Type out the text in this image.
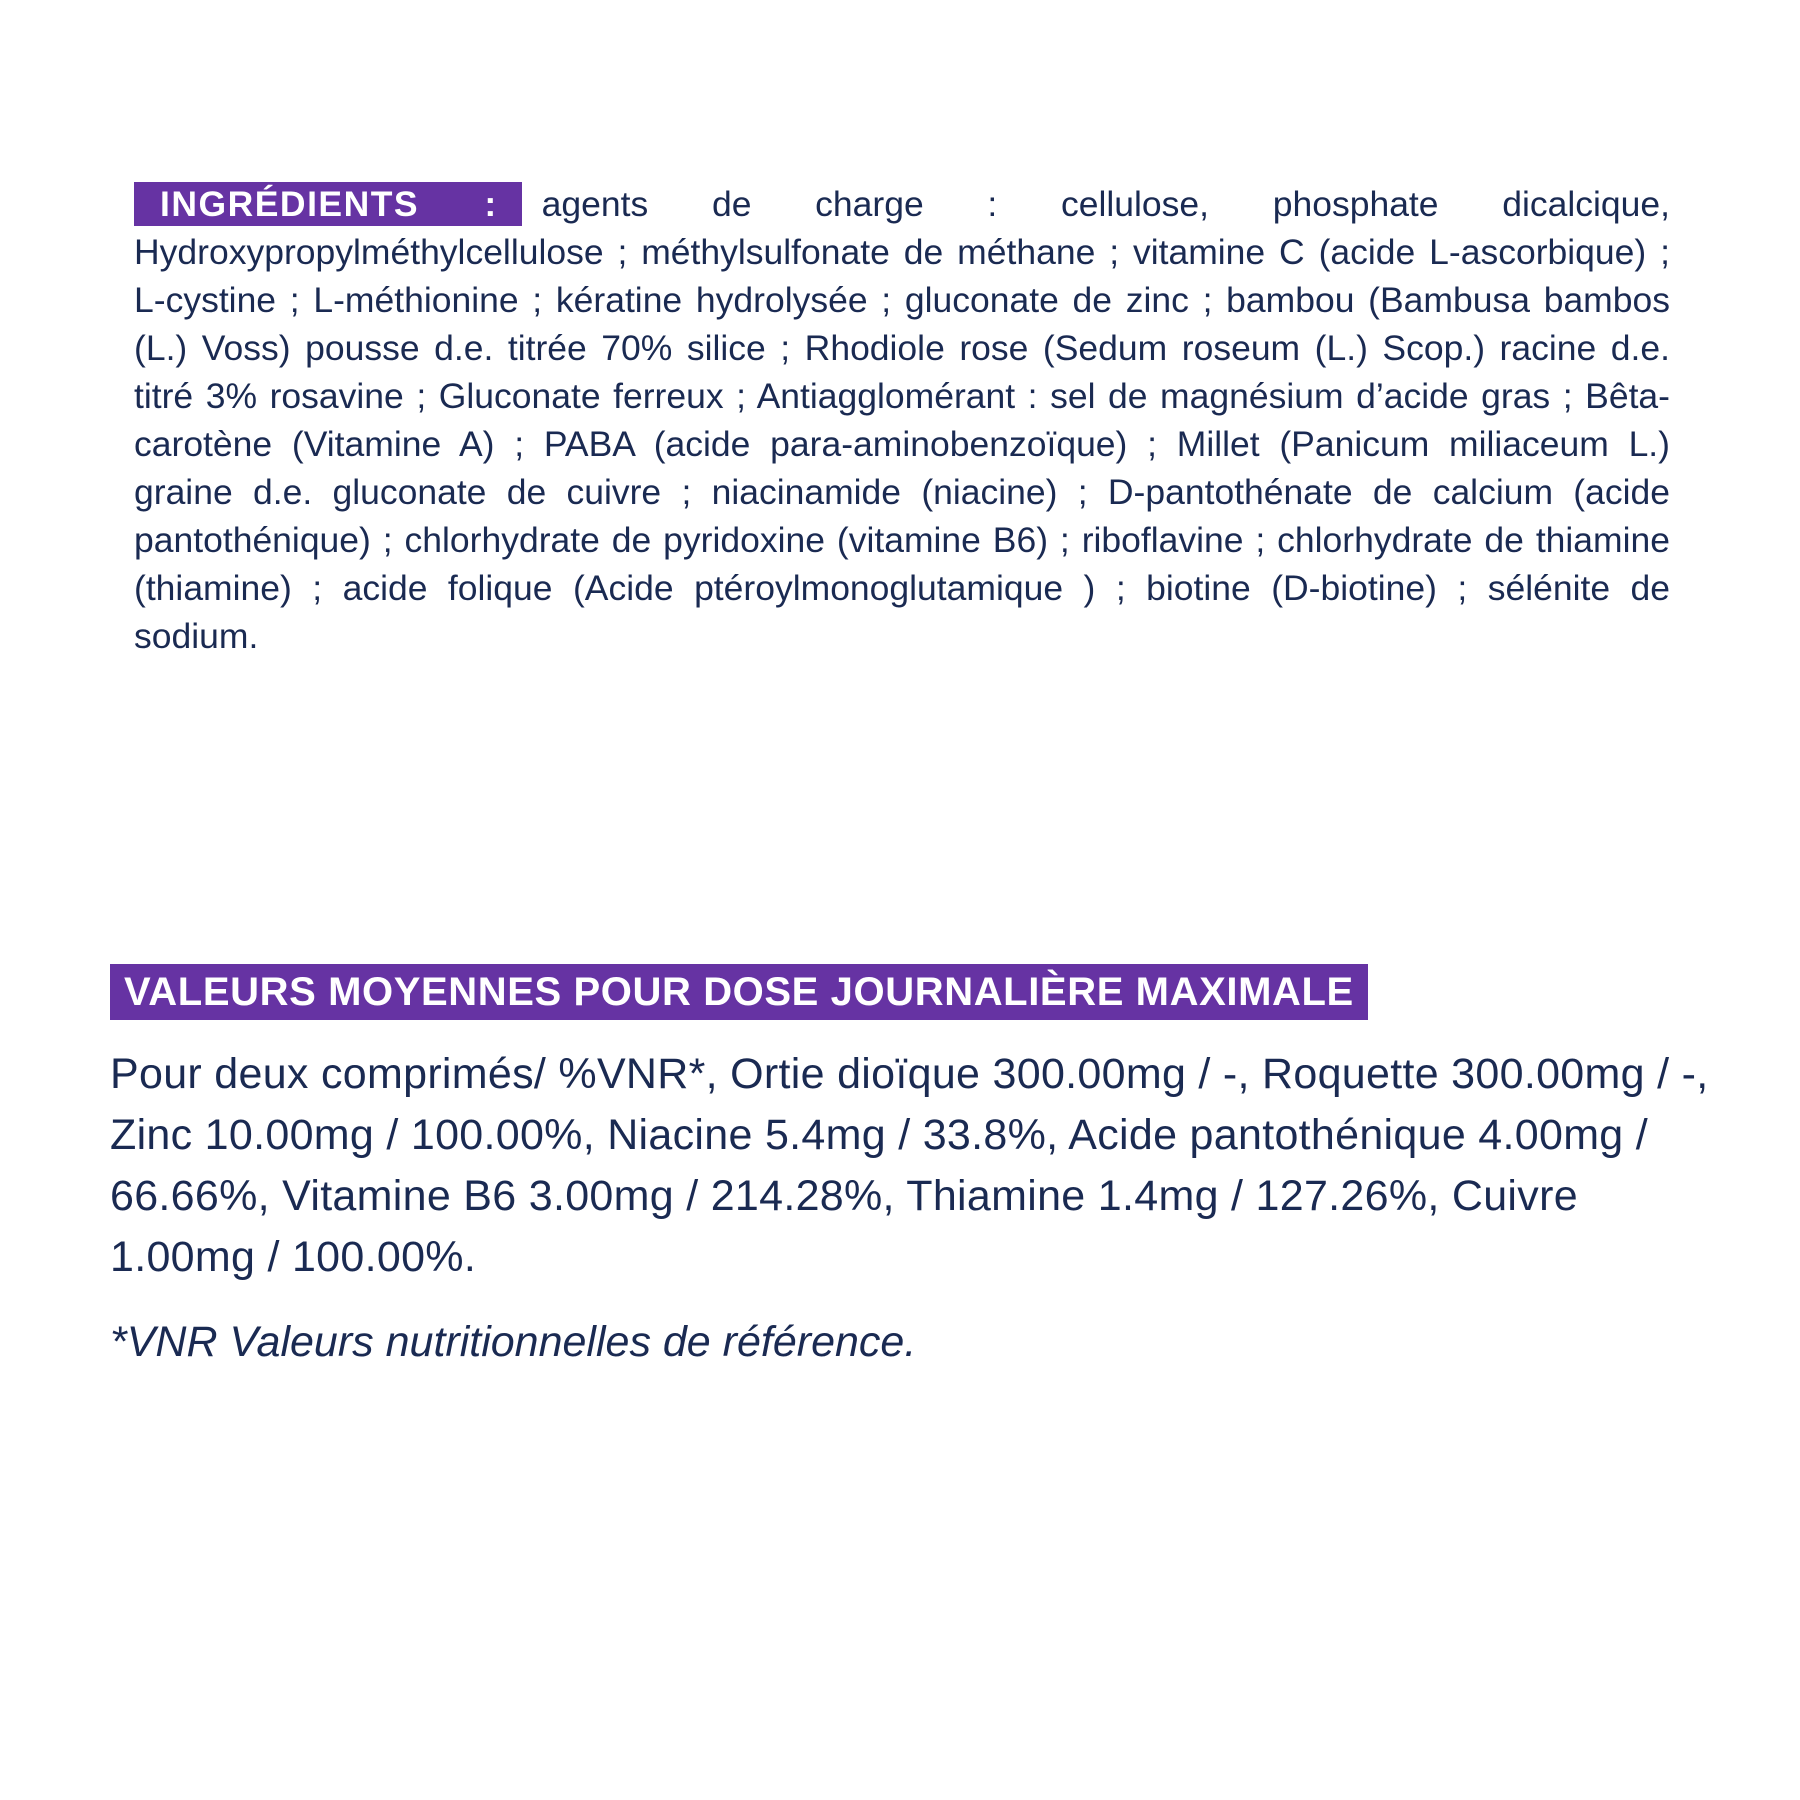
INGRÉDIENTS : agents de charge : cellulose, phosphate dicalcique, Hydroxypropylméthylcellulose ; méthylsulfonate de méthane ; vitamine C (acide L-ascorbique) ; L-cystine ; L-méthionine ; kératine hydrolysée ; gluconate de zinc ; bambou (Bambusa bambos (L.) Voss) pousse d.e. titrée 70% silice ; Rhodiole rose (Sedum roseum (L.) Scop.) racine d.e. titré 3% rosavine ; Gluconate ferreux ; Antiagglomérant : sel de magnésium d’acide gras ; Bêta-carotène (Vitamine A) ; PABA (acide para-aminobenzoïque) ; Millet (Panicum miliaceum L.) graine d.e. gluconate de cuivre ; niacinamide (niacine) ; D-pantothénate de calcium (acide pantothénique) ; chlorhydrate de pyridoxine (vitamine B6) ; riboflavine ; chlorhydrate de thiamine (thiamine) ; acide folique (Acide ptéroylmonoglutamique ) ; biotine (D-biotine) ; sélénite de sodium.
VALEURS MOYENNES POUR DOSE JOURNALIÈRE MAXIMALE
Pour deux comprimés/ %VNR*, Ortie dioïque 300.00mg / -, Roquette 300.00mg / -, Zinc 10.00mg / 100.00%, Niacine 5.4mg / 33.8%, Acide pantothénique 4.00mg / 66.66%, Vitamine B6 3.00mg / 214.28%, Thiamine 1.4mg / 127.26%, Cuivre 1.00mg / 100.00%.
*VNR Valeurs nutritionnelles de référence.
